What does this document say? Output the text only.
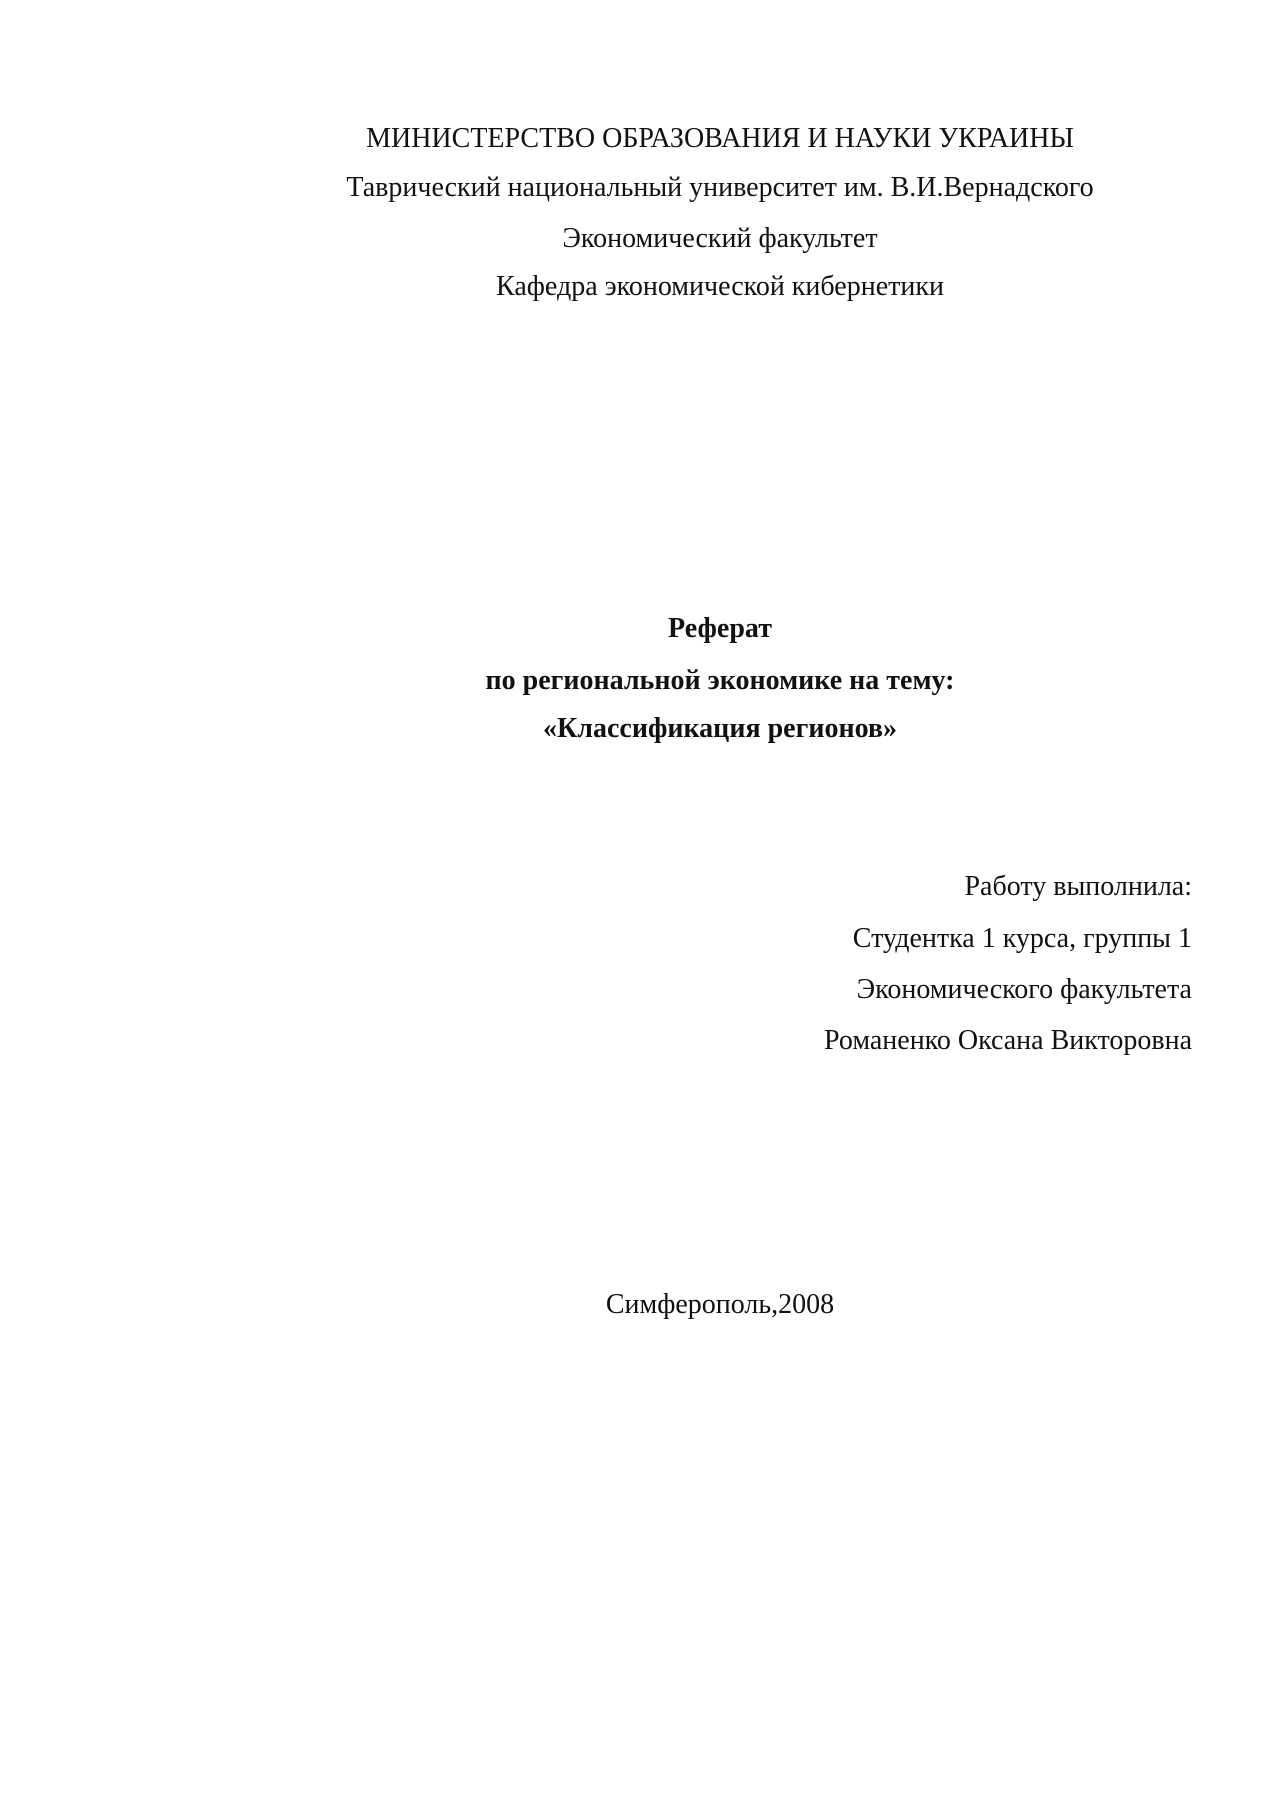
МИНИСТЕРСТВО ОБРАЗОВАНИЯ И НАУКИ УКРАИНЫ

Таврический национальный университет им. В.И.Вернадского

Экономический факультет

Кафедра экономической кибернетики

Реферат

по региональной экономике на тему:

«Классификация регионов»

Работу выполнила:

Студентка 1 курса, группы 1

Экономического факультета

Романенко Оксана Викторовна

Симферополь,2008
